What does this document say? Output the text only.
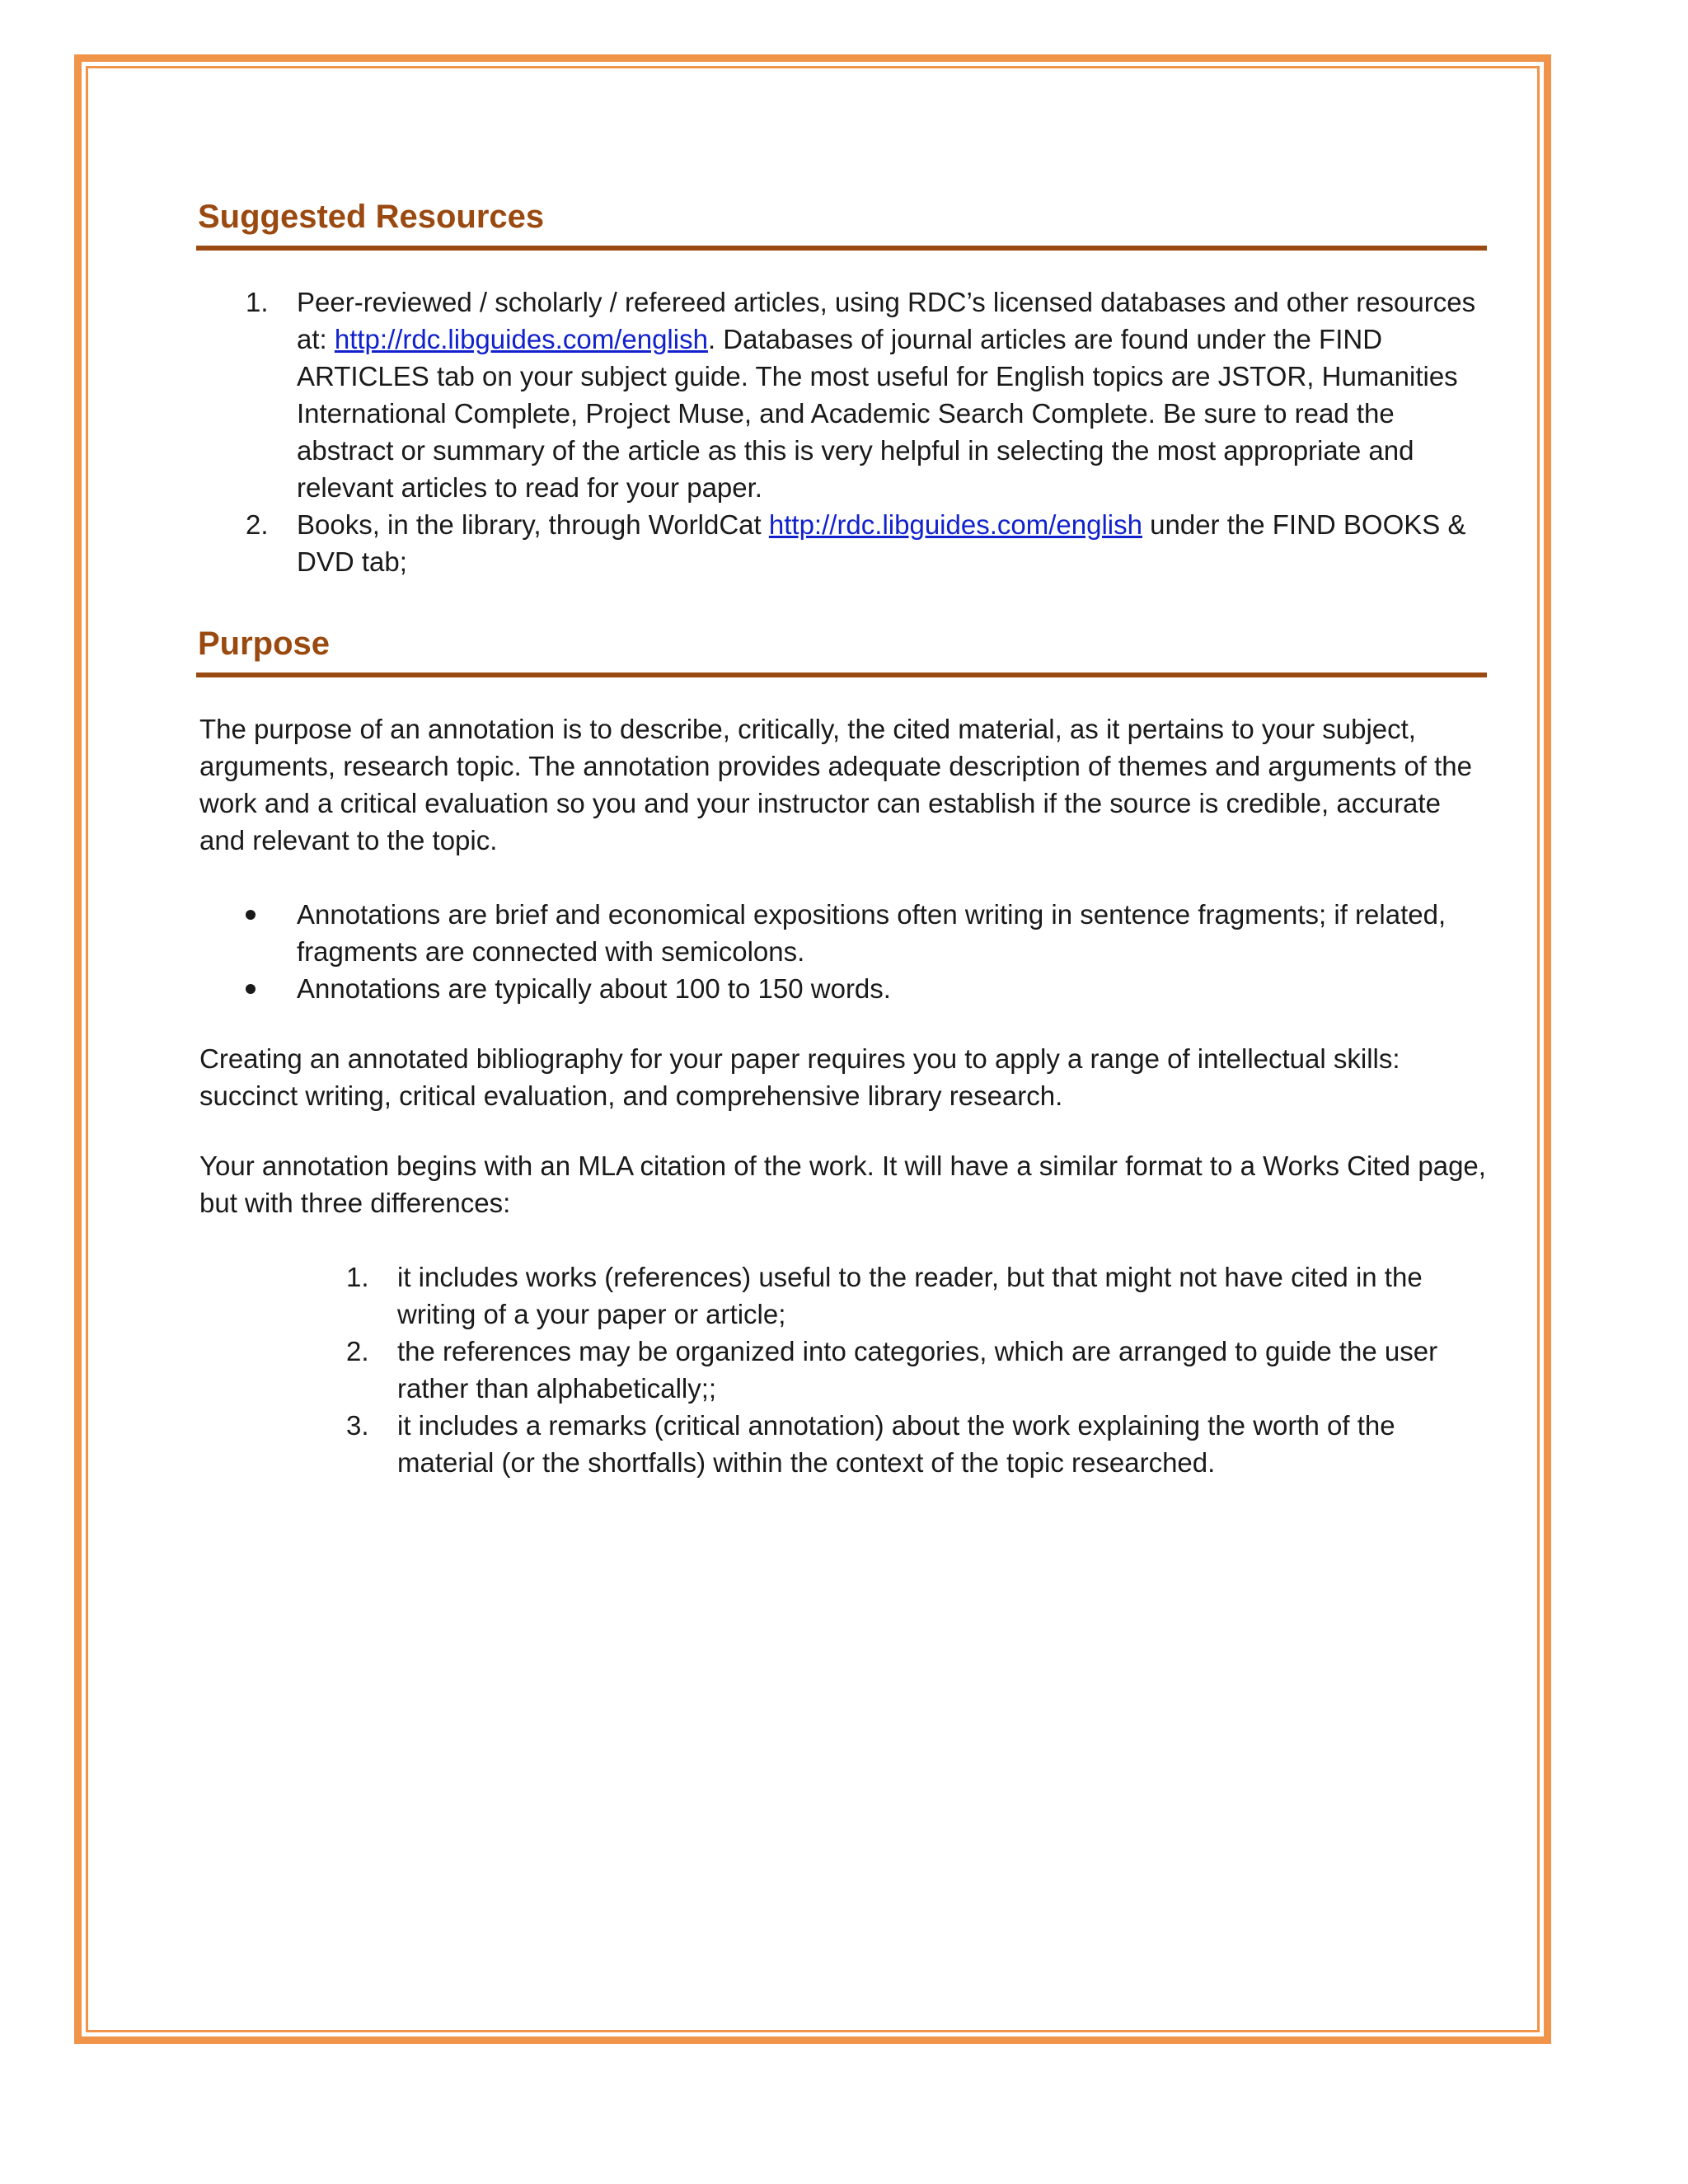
Suggested Resources
1. Peer-reviewed / scholarly / refereed articles, using RDC’s licensed databases and other resources at: http://rdc.libguides.com/english. Databases of journal articles are found under the FIND ARTICLES tab on your subject guide. The most useful for English topics are JSTOR, Humanities International Complete, Project Muse, and Academic Search Complete. Be sure to read the abstract or summary of the article as this is very helpful in selecting the most appropriate and relevant articles to read for your paper.
2. Books, in the library, through WorldCat http://rdc.libguides.com/english under the FIND BOOKS & DVD tab;
Purpose

The purpose of an annotation is to describe, critically, the cited material, as it pertains to your subject, arguments, research topic. The annotation provides adequate description of themes and arguments of the work and a critical evaluation so you and your instructor can establish if the source is credible, accurate and relevant to the topic.

Annotations are brief and economical expositions often writing in sentence fragments; if related, fragments are connected with semicolons.
Annotations are typically about 100 to 150 words.

Creating an annotated bibliography for your paper requires you to apply a range of intellectual skills: succinct writing, critical evaluation, and comprehensive library research.

Your annotation begins with an MLA citation of the work. It will have a similar format to a Works Cited page, but with three differences:

1. it includes works (references) useful to the reader, but that might not have cited in the writing of a your paper or article;
2. the references may be organized into categories, which are arranged to guide the user rather than alphabetically;;
3. it includes a remarks (critical annotation) about the work explaining the worth of the material (or the shortfalls) within the context of the topic researched.
